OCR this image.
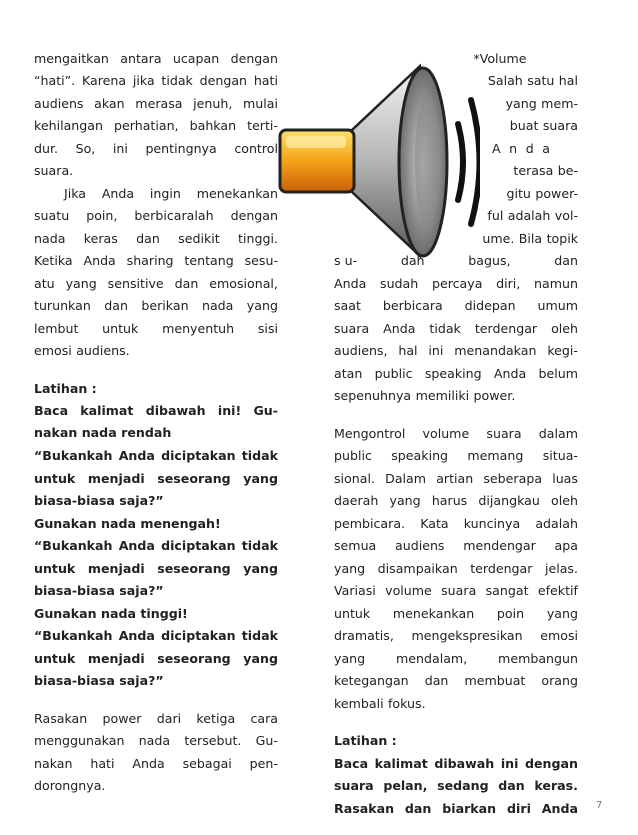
mengaitkan antara ucapan dengan
“hati”. Karena jika tidak dengan hati
audiens akan merasa jenuh, mulai
kehilangan perhatian, bahkan terti-
dur. So, ini pentingnya control
suara.
Jika Anda ingin menekankan
suatu poin, berbicaralah dengan
nada keras dan sedikit tinggi.
Ketika Anda sharing tentang sesu-
atu yang sensitive dan emosional,
turunkan dan berikan nada yang
lembut untuk menyentuh sisi
emosi audiens.
Latihan :
Baca kalimat dibawah ini! Gu-
nakan nada rendah
“Bukankah Anda diciptakan tidak
untuk menjadi seseorang yang
biasa-biasa saja?”
Gunakan nada menengah!
“Bukankah Anda diciptakan tidak
untuk menjadi seseorang yang
biasa-biasa saja?”
Gunakan nada tinggi!
“Bukankah Anda diciptakan tidak
untuk menjadi seseorang yang
biasa-biasa saja?”
Rasakan power dari ketiga cara
menggunakan nada tersebut. Gu-
nakan hati Anda sebagai pen-
dorongnya.
*Volume
Salah satu hal
yang mem-
buat suara
A n d a
terasa be-
gitu power-
ful adalah vol-
ume. Bila topik
s u-	dah	bagus,	dan
Anda sudah percaya diri, namun
saat berbicara didepan umum
suara Anda tidak terdengar oleh
audiens, hal ini menandakan kegi-
atan public speaking Anda belum
sepenuhnya memiliki power.
Mengontrol volume suara dalam
public speaking memang situa-
sional. Dalam artian seberapa luas
daerah yang harus dijangkau oleh
pembicara. Kata kuncinya adalah
semua audiens mendengar apa
yang disampaikan terdengar jelas.
Variasi volume suara sangat efektif
untuk menekankan poin yang
dramatis, mengekspresikan emosi
yang mendalam, membangun
ketegangan dan membuat orang
kembali fokus.
Latihan :
Baca kalimat dibawah ini dengan
suara pelan, sedang dan keras.
Rasakan dan biarkan diri Anda 7
